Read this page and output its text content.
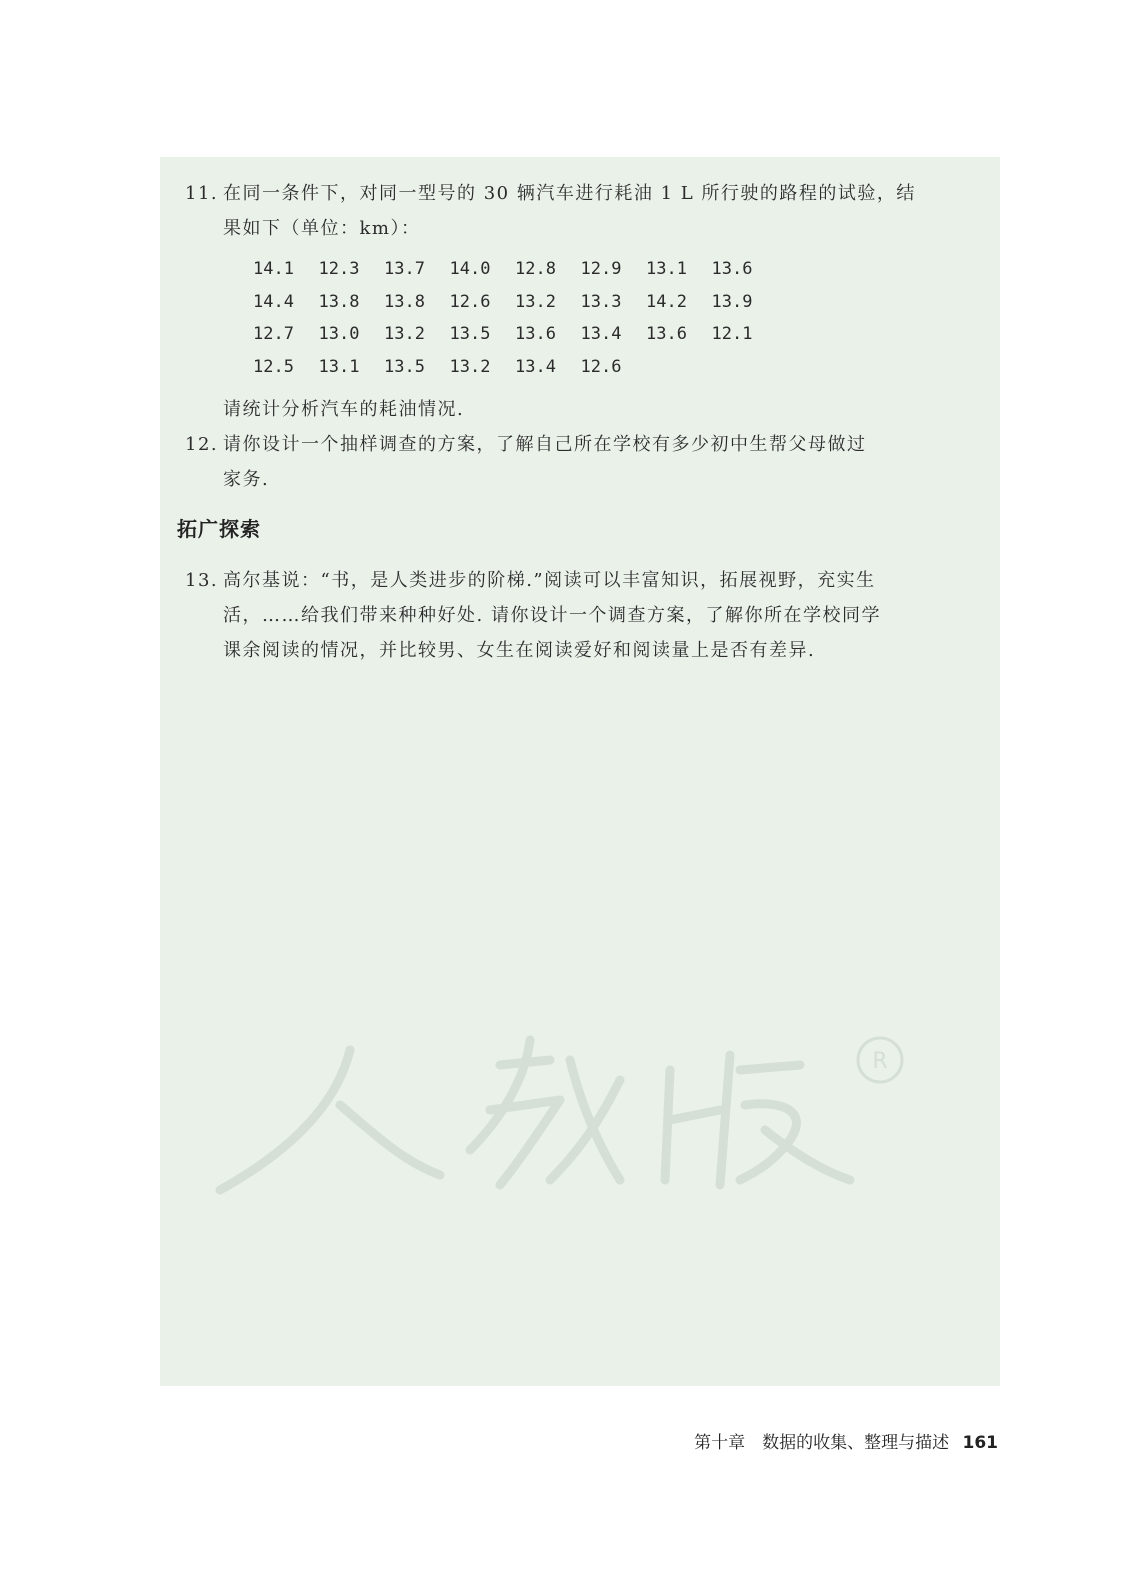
11. 在同一条件下，对同一型号的 30 辆汽车进行耗油 1 L 所行驶的路程的试验，结
果如下（单位：km）：
14.1	12.3	13.7	14.0	12.8	12.9	13.1	13.6
14.4	13.8	13.8	12.6	13.2	13.3	14.2	13.9
12.7	13.0	13.2	13.5	13.6	13.4	13.6	12.1
12.5	13.1	13.5	13.2	13.4	12.6		
请统计分析汽车的耗油情况.
12. 请你设计一个抽样调查的方案，了解自己所在学校有多少初中生帮父母做过
家务.
拓广探索
13. 高尔基说：“书，是人类进步的阶梯.”阅读可以丰富知识，拓展视野，充实生
活，……给我们带来种种好处. 请你设计一个调查方案，了解你所在学校同学
课余阅读的情况，并比较男、女生在阅读爱好和阅读量上是否有差异.
R
第十章　数据的收集、整理与描述 161
